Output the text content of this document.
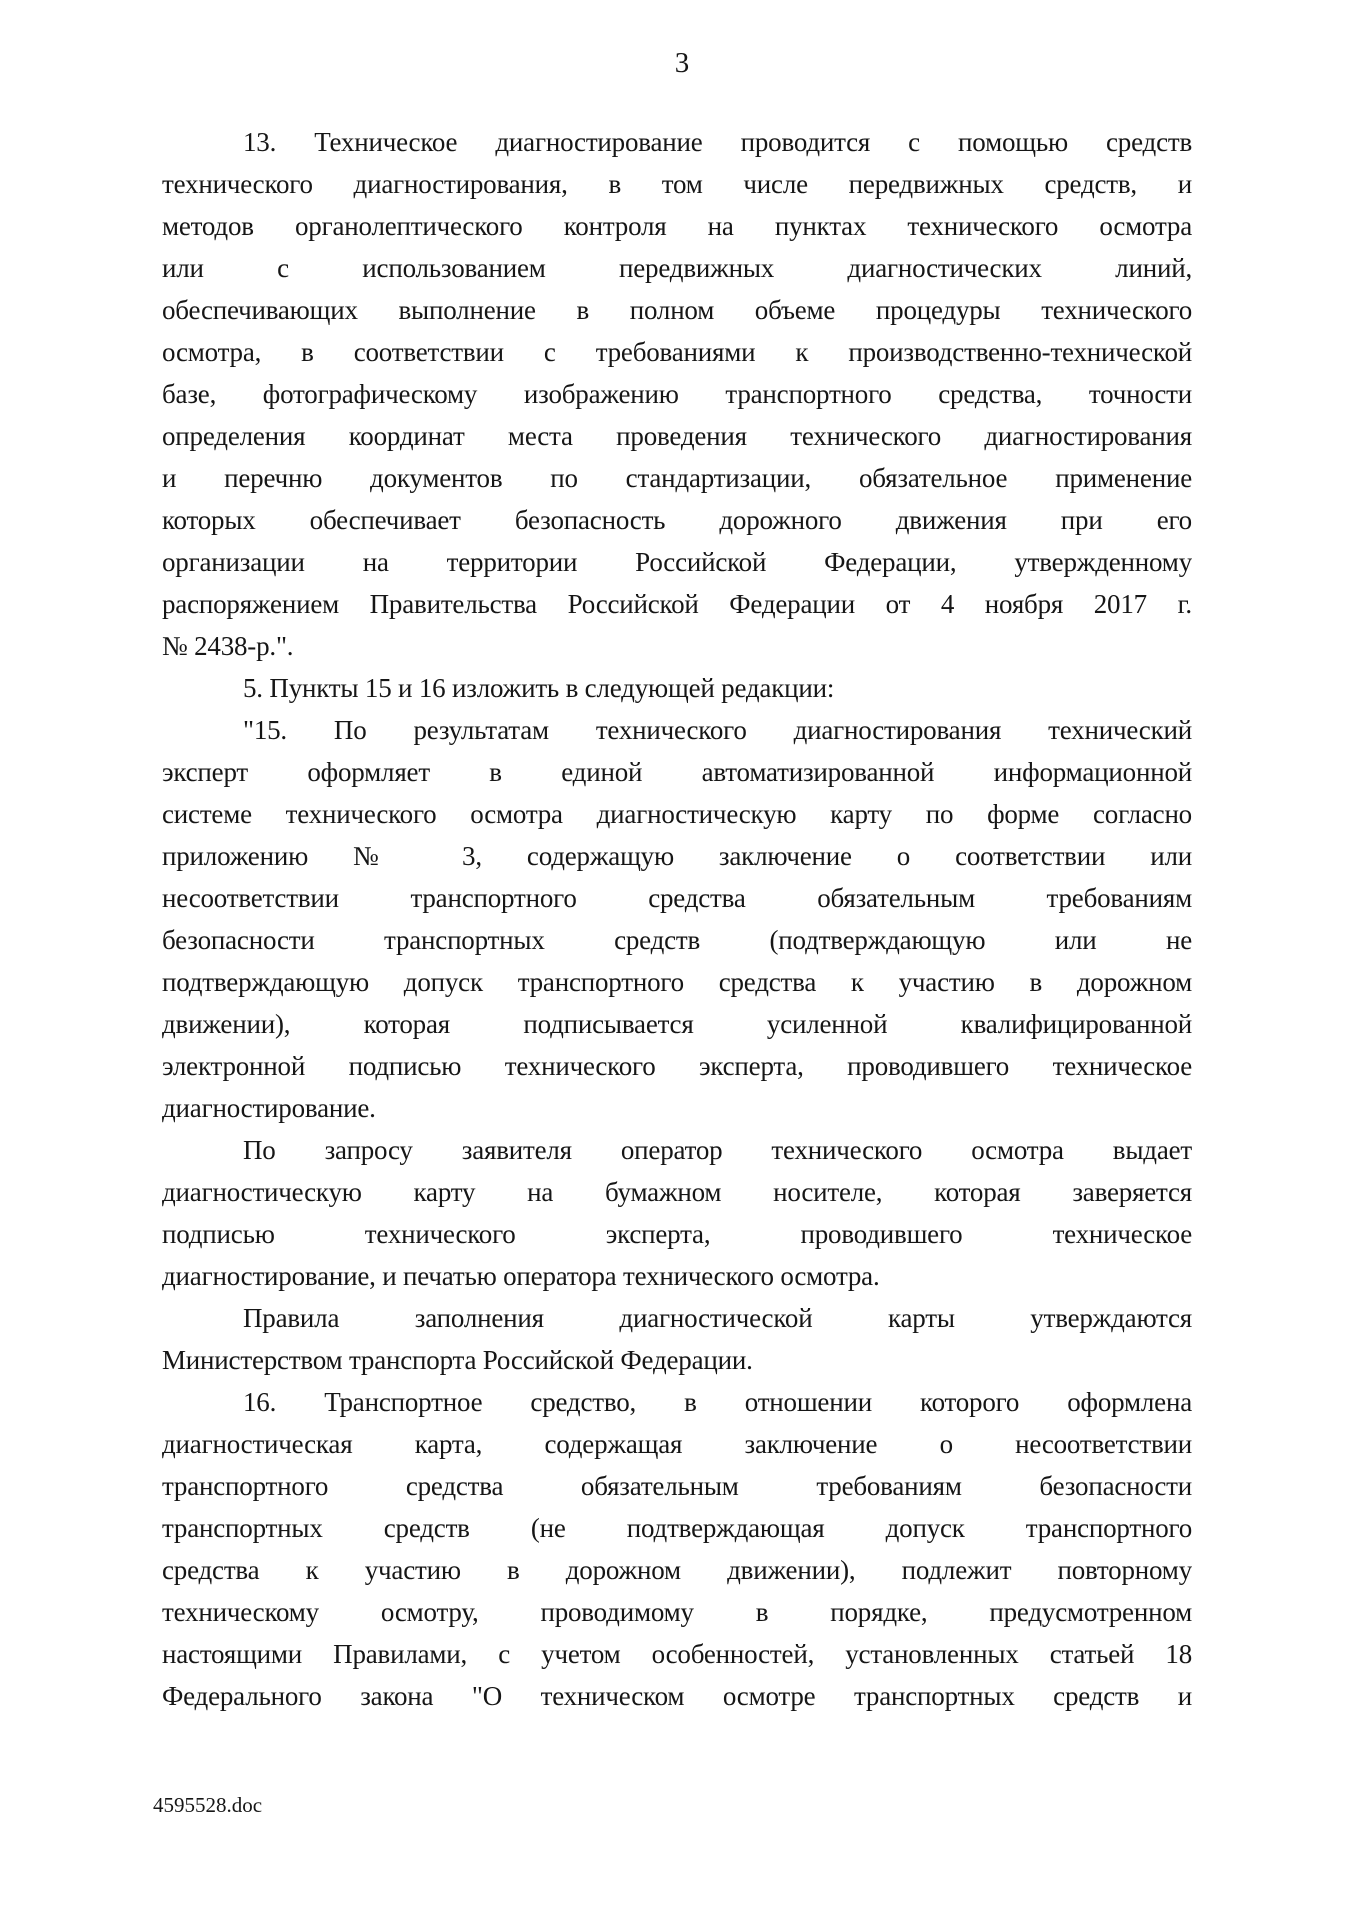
3
13. Техническое диагностирование проводится с помощью средств
технического диагностирования, в том числе передвижных средств, и
методов органолептического контроля на пунктах технического осмотра
или с использованием передвижных диагностических линий,
обеспечивающих выполнение в полном объеме процедуры технического
осмотра, в соответствии с требованиями к производственно-технической
базе, фотографическому изображению транспортного средства, точности
определения координат места проведения технического диагностирования
и перечню документов по стандартизации, обязательное применение
которых обеспечивает безопасность дорожного движения при его
организации на территории Российской Федерации, утвержденному
распоряжением Правительства Российской Федерации от 4 ноября 2017 г.
№ 2438-р.".
5. Пункты 15 и 16 изложить в следующей редакции:
"15. По результатам технического диагностирования технический
эксперт оформляет в единой автоматизированной информационной
системе технического осмотра диагностическую карту по форме согласно
приложению № 3, содержащую заключение о соответствии или
несоответствии транспортного средства обязательным требованиям
безопасности транспортных средств (подтверждающую или не
подтверждающую допуск транспортного средства к участию в дорожном
движении), которая подписывается усиленной квалифицированной
электронной подписью технического эксперта, проводившего техническое
диагностирование.
По запросу заявителя оператор технического осмотра выдает
диагностическую карту на бумажном носителе, которая заверяется
подписью технического эксперта, проводившего техническое
диагностирование, и печатью оператора технического осмотра.
Правила заполнения диагностической карты утверждаются
Министерством транспорта Российской Федерации.
16. Транспортное средство, в отношении которого оформлена
диагностическая карта, содержащая заключение о несоответствии
транспортного средства обязательным требованиям безопасности
транспортных средств (не подтверждающая допуск транспортного
средства к участию в дорожном движении), подлежит повторному
техническому осмотру, проводимому в порядке, предусмотренном
настоящими Правилами, с учетом особенностей, установленных статьей 18
Федерального закона "О техническом осмотре транспортных средств и
4595528.doc
